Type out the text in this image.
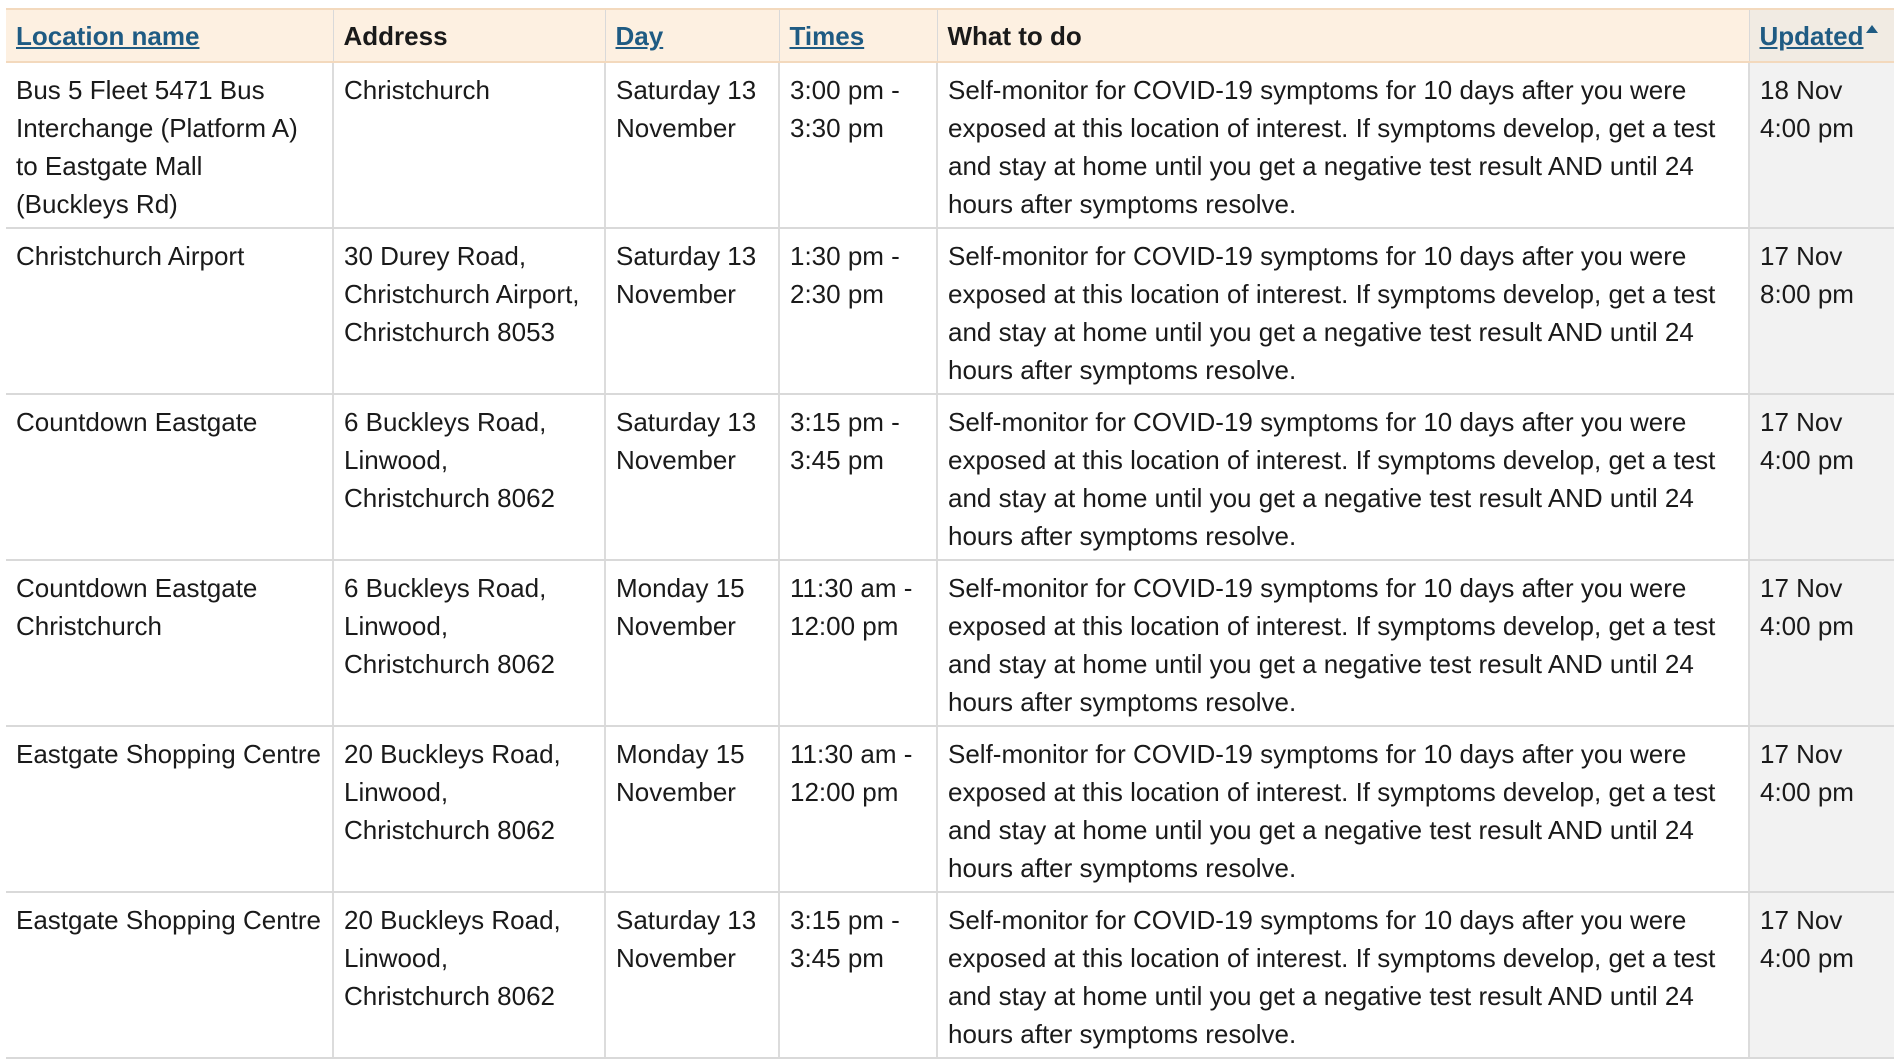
Location name	Address	Day	Times	What to do	Updated
Bus 5 Fleet 5471 Bus Interchange (Platform A) to Eastgate Mall (Buckleys Rd)	Christchurch	Saturday 13 November	3:00 pm - 3:30 pm	Self-monitor for COVID-19 symptoms for 10 days after you were exposed at this location of interest. If symptoms develop, get a test and stay at home until you get a negative test result AND until 24 hours after symptoms resolve.	18 Nov 4:00 pm
Christchurch Airport	30 Durey Road, Christchurch Airport, Christchurch 8053	Saturday 13 November	1:30 pm - 2:30 pm	Self-monitor for COVID-19 symptoms for 10 days after you were exposed at this location of interest. If symptoms develop, get a test and stay at home until you get a negative test result AND until 24 hours after symptoms resolve.	17 Nov 8:00 pm
Countdown Eastgate	6 Buckleys Road, Linwood, Christchurch 8062	Saturday 13 November	3:15 pm - 3:45 pm	Self-monitor for COVID-19 symptoms for 10 days after you were exposed at this location of interest. If symptoms develop, get a test and stay at home until you get a negative test result AND until 24 hours after symptoms resolve.	17 Nov 4:00 pm
Countdown Eastgate Christchurch	6 Buckleys Road, Linwood, Christchurch 8062	Monday 15 November	11:30 am - 12:00 pm	Self-monitor for COVID-19 symptoms for 10 days after you were exposed at this location of interest. If symptoms develop, get a test and stay at home until you get a negative test result AND until 24 hours after symptoms resolve.	17 Nov 4:00 pm
Eastgate Shopping Centre	20 Buckleys Road, Linwood, Christchurch 8062	Monday 15 November	11:30 am - 12:00 pm	Self-monitor for COVID-19 symptoms for 10 days after you were exposed at this location of interest. If symptoms develop, get a test and stay at home until you get a negative test result AND until 24 hours after symptoms resolve.	17 Nov 4:00 pm
Eastgate Shopping Centre	20 Buckleys Road, Linwood, Christchurch 8062	Saturday 13 November	3:15 pm - 3:45 pm	Self-monitor for COVID-19 symptoms for 10 days after you were exposed at this location of interest. If symptoms develop, get a test and stay at home until you get a negative test result AND until 24 hours after symptoms resolve.	17 Nov 4:00 pm
